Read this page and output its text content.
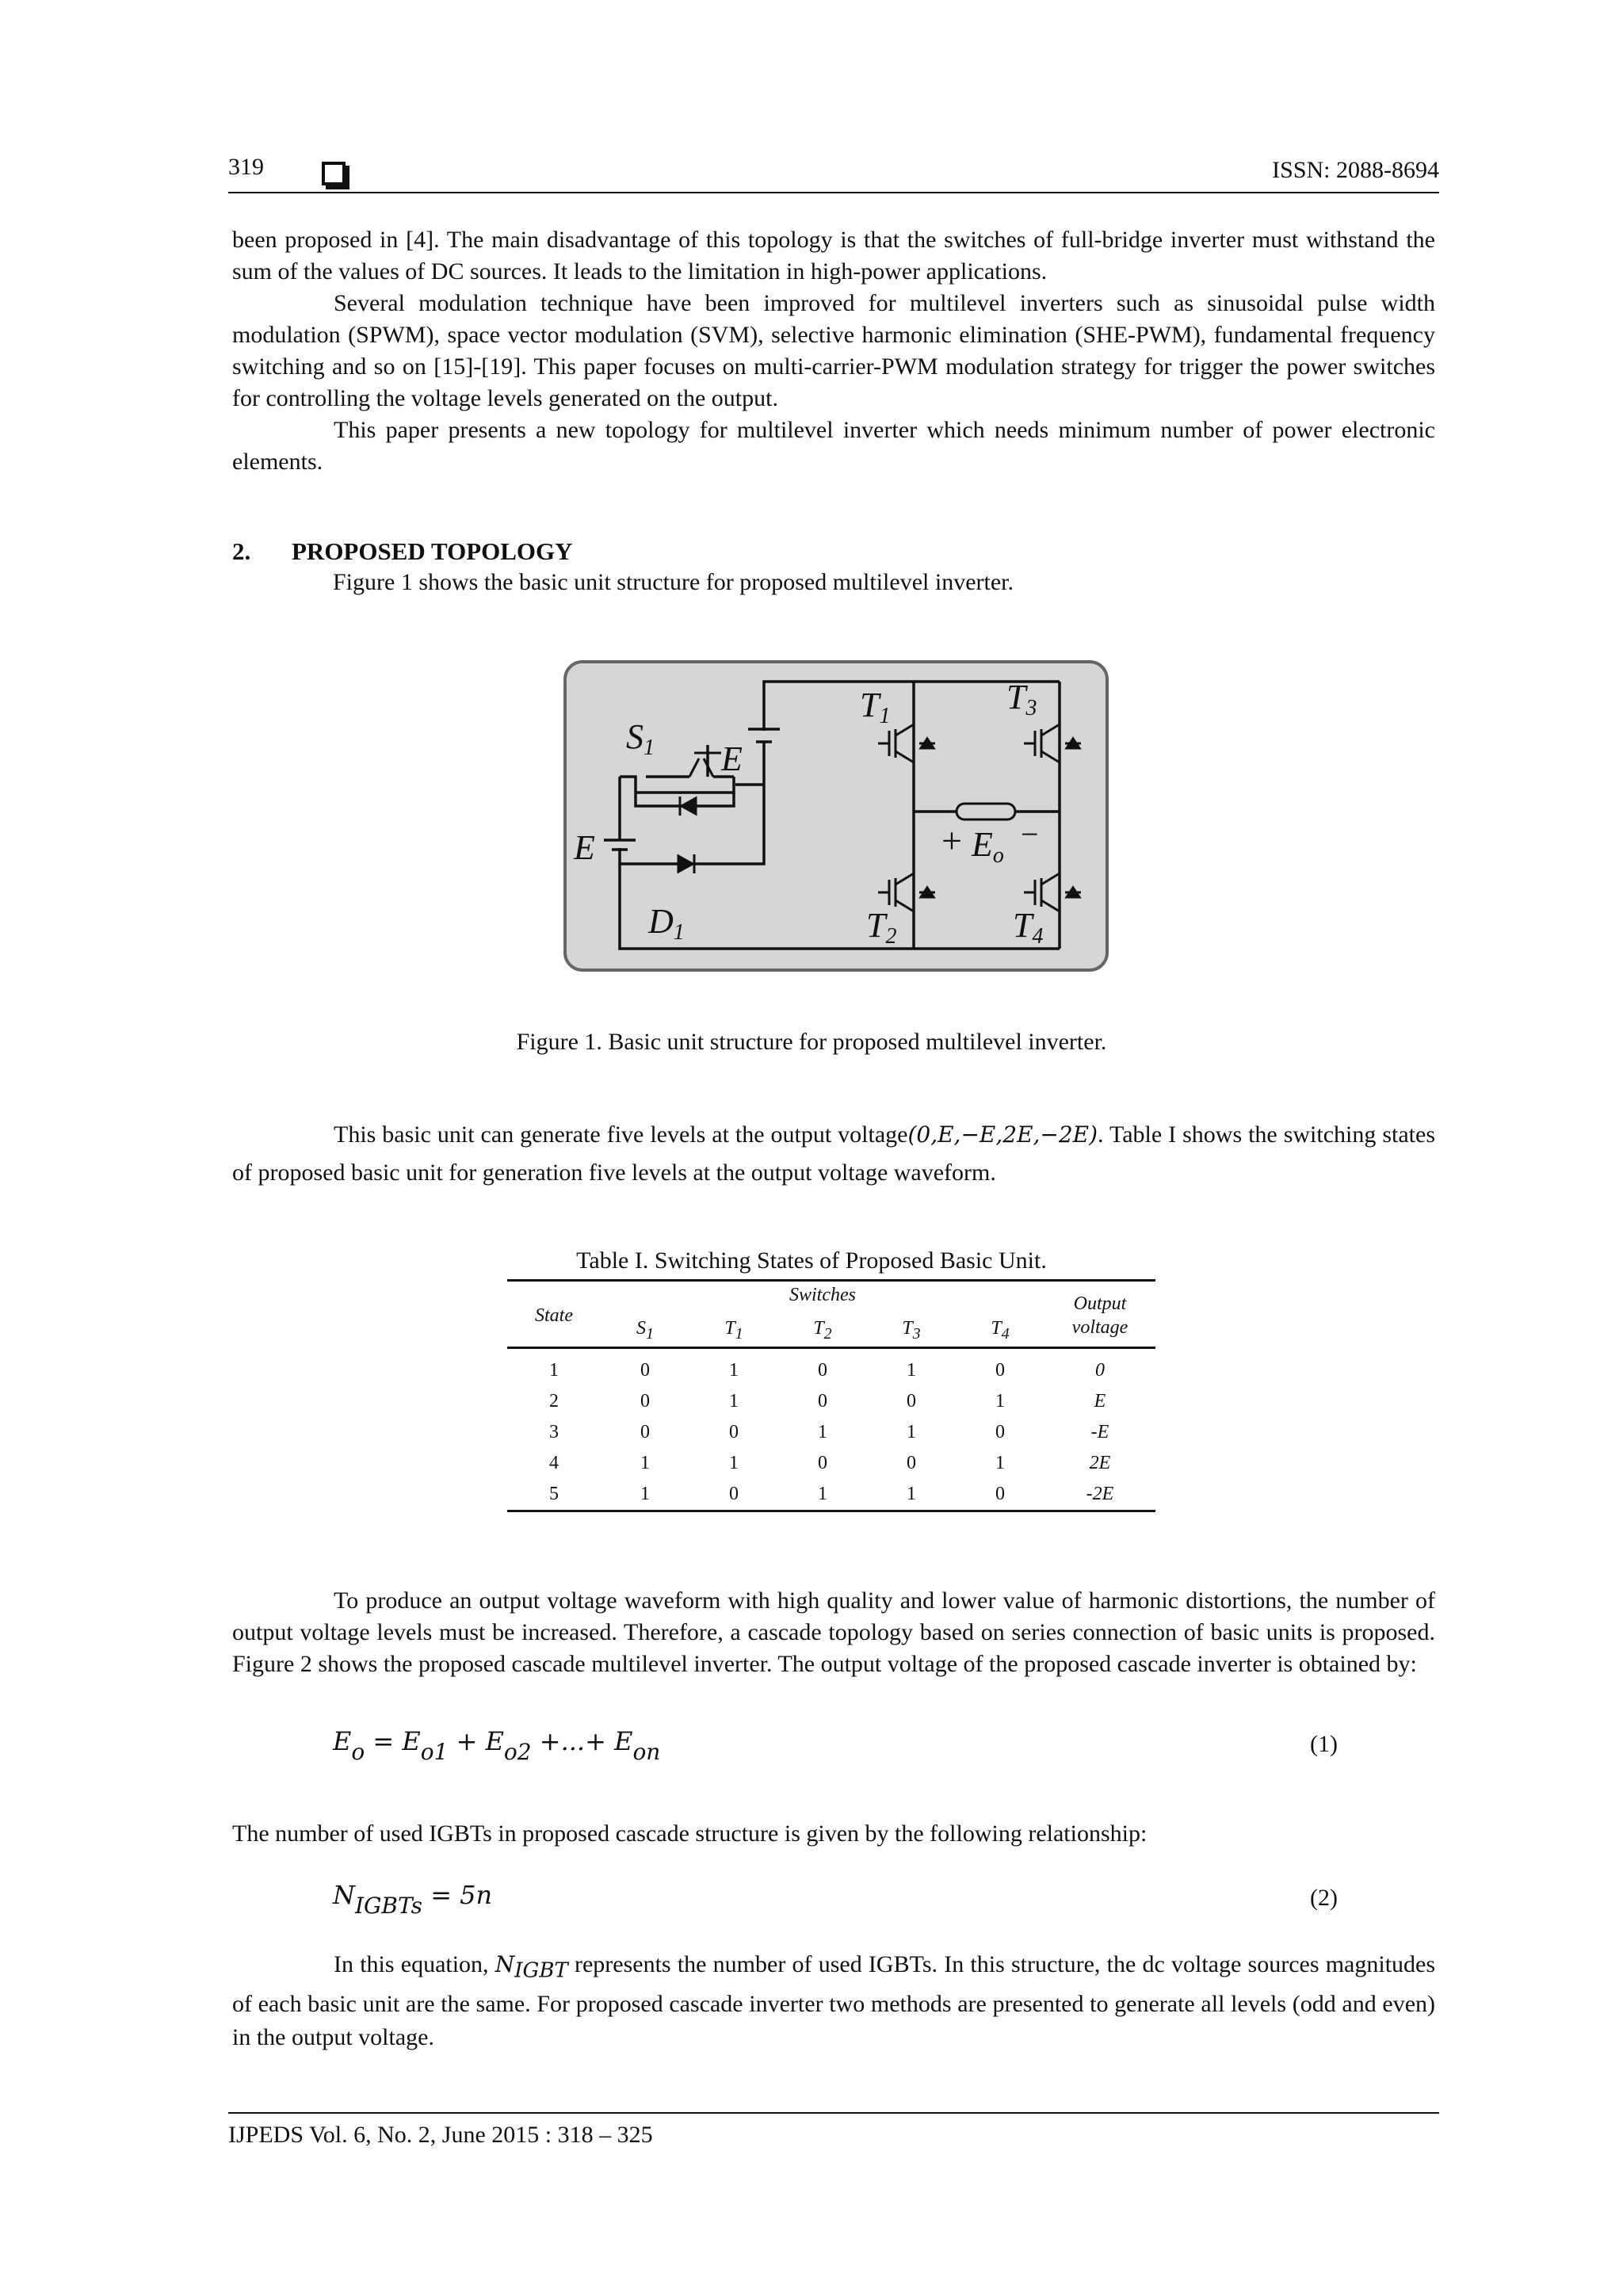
319	ISSN: 2088-8694

been proposed in [4]. The main disadvantage of this topology is that the switches of full-bridge inverter must withstand the sum of the values of DC sources. It leads to the limitation in high-power applications.

Several modulation technique have been improved for multilevel inverters such as sinusoidal pulse width modulation (SPWM), space vector modulation (SVM), selective harmonic elimination (SHE-PWM), fundamental frequency switching and so on [15]-[19]. This paper focuses on multi-carrier-PWM modulation strategy for trigger the power switches for controlling the voltage levels generated on the output.

This paper presents a new topology for multilevel inverter which needs minimum number of power electronic elements.

2. PROPOSED TOPOLOGY
Figure 1 shows the basic unit structure for proposed multilevel inverter.
S1 E
E
D1
T1
T2
T3
T4
+ Eo
−
Figure 1. Basic unit structure for proposed multilevel inverter.
This basic unit can generate five levels at the output voltage(0,E,−E,2E,−2E). Table I shows the switching states of proposed basic unit for generation five levels at the output voltage waveform.
Table I. Switching States of Proposed Basic Unit.
State	Switches					Output
voltage
	$S_1$	$T_1$	$T_2$	$T_3$	$T_4$
1	0	1	0	1	0	0
2	0	1	0	0	1	E
3	0	0	1	1	0	-E
4	1	1	0	0	1	2E
5	1	0	1	1	0	-2E
To produce an output voltage waveform with high quality and lower value of harmonic distortions, the number of output voltage levels must be increased. Therefore, a cascade topology based on series connection of basic units is proposed. Figure 2 shows the proposed cascade multilevel inverter. The output voltage of the proposed cascade inverter is obtained by:
$E_o = E_{o1} + E_{o2}$ +...+ $E_{on}$	(1)
The number of used IGBTs in proposed cascade structure is given by the following relationship:
$N_{IGBTs} = 5n$	(2)
In this equation, $N_{IGBT}$ represents the number of used IGBTs. In this structure, the dc voltage sources magnitudes of each basic unit are the same. For proposed cascade inverter two methods are presented to generate all levels (odd and even) in the output voltage.
IJPEDS Vol. 6, No. 2, June 2015 : 318 – 325
